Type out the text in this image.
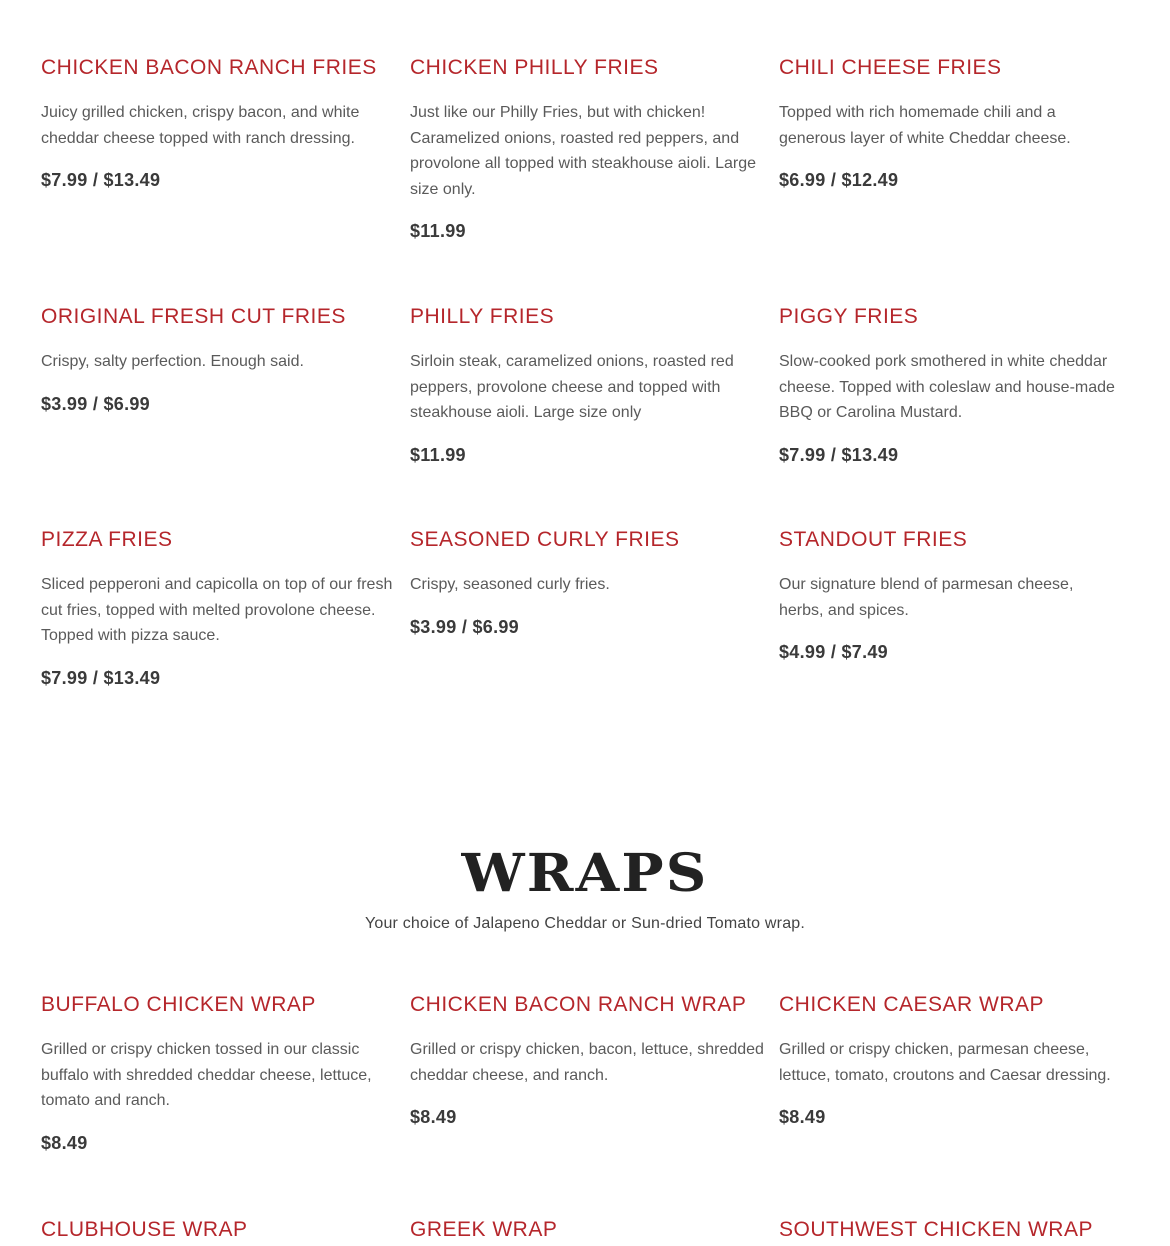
CHICKEN BACON RANCH FRIES

Juicy grilled chicken, crispy bacon, and white cheddar cheese topped with ranch dressing.

$7.99 / $13.49

CHICKEN PHILLY FRIES

Just like our Philly Fries, but with chicken! Caramelized onions, roasted red peppers, and provolone all topped with steakhouse aioli. Large size only.

$11.99

CHILI CHEESE FRIES

Topped with rich homemade chili and a generous layer of white Cheddar cheese.

$6.99 / $12.49

ORIGINAL FRESH CUT FRIES

Crispy, salty perfection. Enough said.

$3.99 / $6.99

PHILLY FRIES

Sirloin steak, caramelized onions, roasted red peppers, provolone cheese and topped with steakhouse aioli. Large size only

$11.99

PIGGY FRIES

Slow-cooked pork smothered in white cheddar cheese. Topped with coleslaw and house-made BBQ or Carolina Mustard.

$7.99 / $13.49

PIZZA FRIES

Sliced pepperoni and capicolla on top of our fresh cut fries, topped with melted provolone cheese. Topped with pizza sauce.

$7.99 / $13.49

SEASONED CURLY FRIES

Crispy, seasoned curly fries.

$3.99 / $6.99

STANDOUT FRIES

Our signature blend of parmesan cheese, herbs, and spices.

$4.99 / $7.49

WRAPS

Your choice of Jalapeno Cheddar or Sun-dried Tomato wrap.

BUFFALO CHICKEN WRAP

Grilled or crispy chicken tossed in our classic buffalo with shredded cheddar cheese, lettuce, tomato and ranch.

$8.49

CHICKEN BACON RANCH WRAP

Grilled or crispy chicken, bacon, lettuce, shredded cheddar cheese, and ranch.

$8.49

CHICKEN CAESAR WRAP

Grilled or crispy chicken, parmesan cheese, lettuce, tomato, croutons and Caesar dressing.

$8.49

CLUBHOUSE WRAP	GREEK WRAP	SOUTHWEST CHICKEN WRAP
